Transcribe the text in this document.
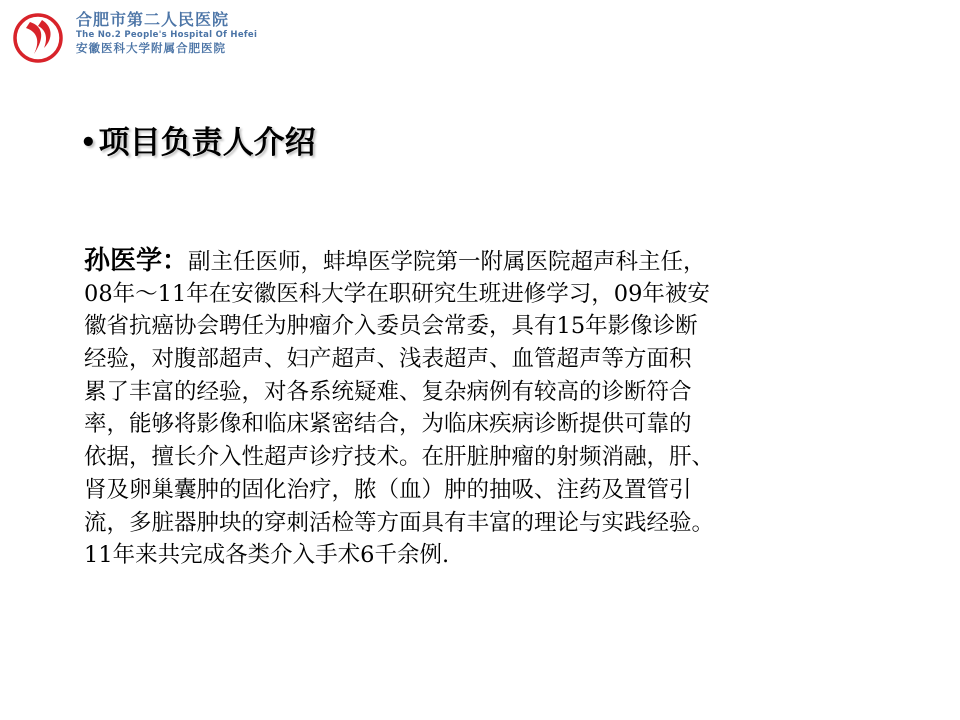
合肥市第二人民医院
The No.2 People's Hospital Of Hefei
安徽医科大学附属合肥医院
•项目负责人介绍
孙医学：副主任医师，蚌埠医学院第一附属医院超声科主任，
08年～11年在安徽医科大学在职研究生班进修学习，09年被安
徽省抗癌协会聘任为肿瘤介入委员会常委，具有15年影像诊断
经验，对腹部超声、妇产超声、浅表超声、血管超声等方面积
累了丰富的经验，对各系统疑难、复杂病例有较高的诊断符合
率，能够将影像和临床紧密结合，为临床疾病诊断提供可靠的
依据，擅长介入性超声诊疗技术。在肝脏肿瘤的射频消融，肝、
肾及卵巢囊肿的固化治疗，脓（血）肿的抽吸、注药及置管引
流，多脏器肿块的穿刺活检等方面具有丰富的理论与实践经验。
11年来共完成各类介入手术6千余例.
